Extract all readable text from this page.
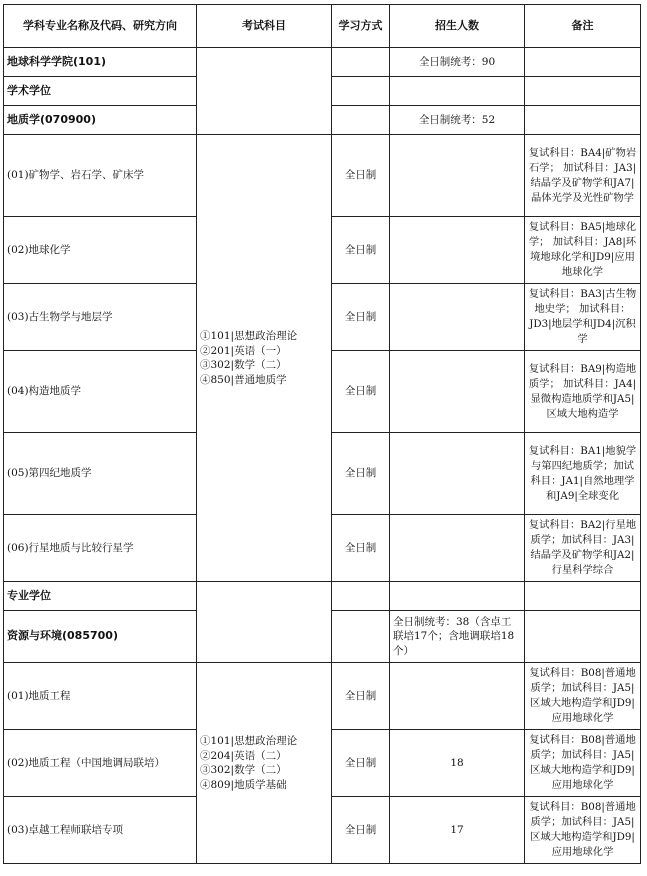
学科专业名称及代码、研究方向	考试科目	学习方式	招生人数	备注
地球科学学院(101)			全日制统考：90	
学术学位				
地质学(070900)			全日制统考：52	
(01)矿物学、岩石学、矿床学	①101|思想政治理论
②201|英语（一）
③302|数学（二）
④850|普通地质学	全日制		复试科目：BA4|矿物岩石学； 加试科目：JA3|结晶学及矿物学和JA7|晶体光学及光性矿物学
(02)地球化学		全日制		复试科目：BA5|地球化学； 加试科目：JA8|环境地球化学和JD9|应用地球化学
(03)古生物学与地层学		全日制		复试科目：BA3|古生物地史学； 加试科目：JD3|地层学和JD4|沉积学
(04)构造地质学		全日制		复试科目：BA9|构造地质学； 加试科目：JA4|显微构造地质学和JA5|区域大地构造学
(05)第四纪地质学		全日制		复试科目：BA1|地貌学与第四纪地质学；加试科目：JA1|自然地理学和JA9|全球变化
(06)行星地质与比较行星学		全日制		复试科目：BA2|行星地质学；加试科目：JA3|结晶学及矿物学和JA2|行星科学综合
专业学位				
资源与环境(085700)			全日制统考：38（含卓工联培17个；含地调联培18个）	
(01)地质工程	①101|思想政治理论
②204|英语（二）
③302|数学（二）
④809|地质学基础	全日制		复试科目：B08|普通地质学；加试科目：JA5|区域大地构造学和JD9|应用地球化学
(02)地质工程（中国地调局联培）		全日制	18	复试科目：B08|普通地质学；加试科目：JA5|区域大地构造学和JD9|应用地球化学
(03)卓越工程师联培专项		全日制	17	复试科目：B08|普通地质学；加试科目：JA5|区域大地构造学和JD9|应用地球化学
